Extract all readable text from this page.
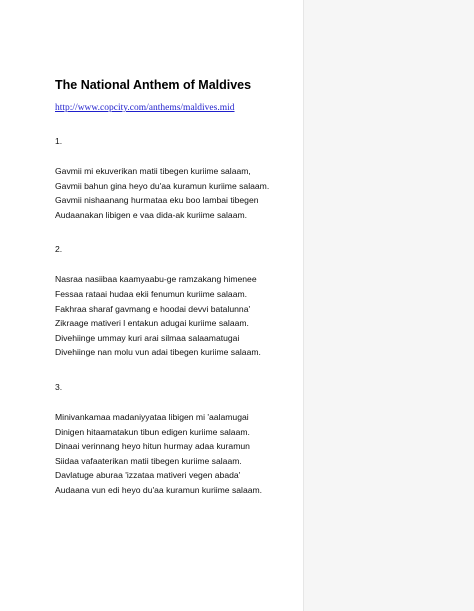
The National Anthem of Maldives
http://www.copcity.com/anthems/maldives.mid

1.

Gavmii mi ekuverikan matii tibegen kuriime salaam,

Gavmii bahun gina heyo du'aa kuramun kuriime salaam.

Gavmii nishaanang hurmataa eku boo lambai tibegen

Audaanakan libigen e vaa dida-ak kuriime salaam.

2.

Nasraa nasiibaa kaamyaabu-ge ramzakang himenee

Fessaa rataai hudaa ekii fenumun kuriime salaam.

Fakhraa sharaf gavmang e hoodai devvi batalunna'

Zikraage mativeri l entakun adugai kuriime salaam.

Divehiinge ummay kuri arai silmaa salaamatugai

Divehiinge nan molu vun adai tibegen kuriime salaam.

3.

Minivankamaa madaniyyataa libigen mi 'aalamugai

Dinigen hitaamatakun tibun edigen kuriime salaam.

Dinaai verinnang heyo hitun hurmay adaa kuramun

Siidaa vafaaterikan matii tibegen kuriime salaam.

Davlatuge aburaa 'izzataa mativeri vegen abada'

Audaana vun edi heyo du'aa kuramun kuriime salaam.
